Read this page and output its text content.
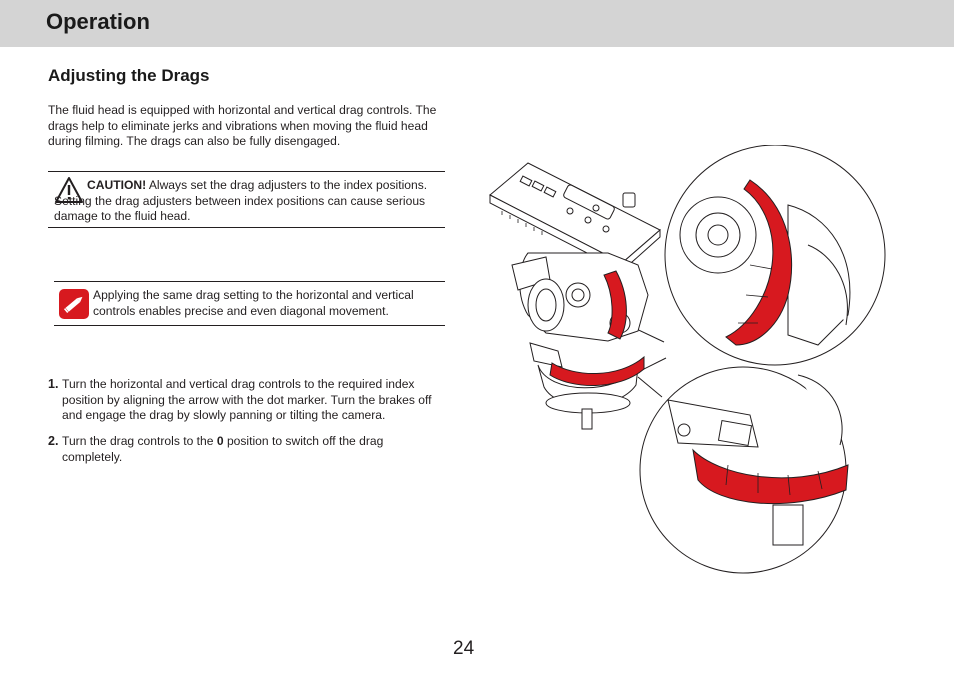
Operation
Adjusting the Drags

The fluid head is equipped with horizontal and vertical drag controls. The drags help to eliminate jerks and vibrations when moving the fluid head during filming. The drags can also be fully disengaged.

CAUTION! Always set the drag adjusters to the index positions. Setting the drag adjusters between index positions can cause serious damage to the fluid head.

Applying the same drag setting to the horizontal and vertical controls enables precise and even diagonal movement.

1. Turn the horizontal and vertical drag controls to the required index position by aligning the arrow with the dot marker. Turn the brakes off and engage the drag by slowly panning or tilting the camera.

2. Turn the drag controls to the 0 position to switch off the drag completely.

24
